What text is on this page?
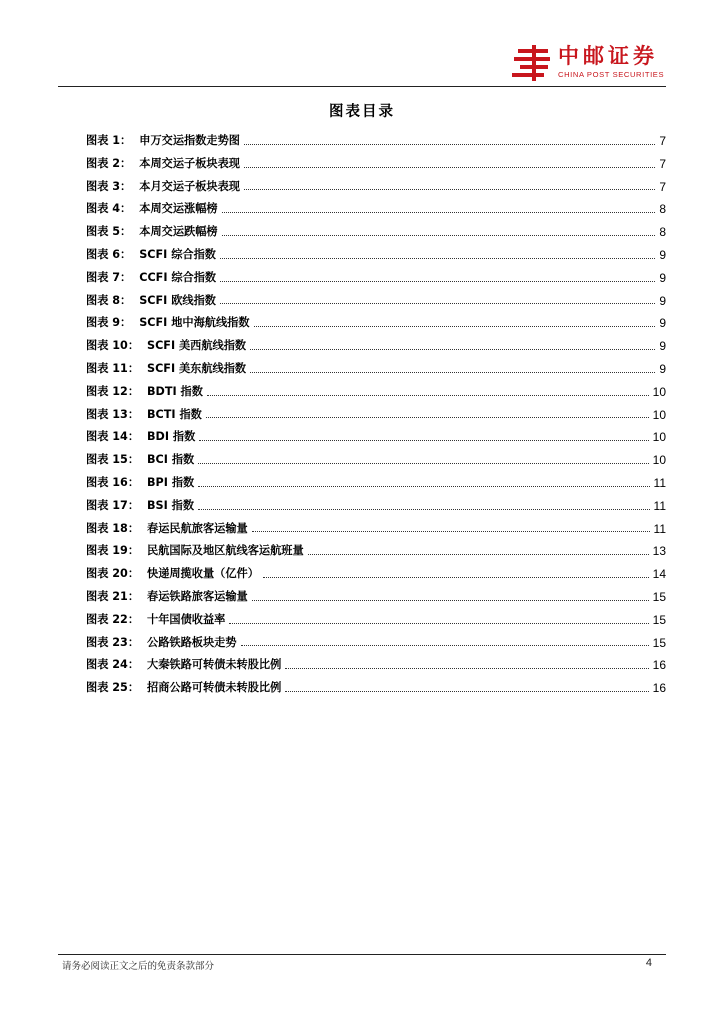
中邮证券
CHINA POST SECURITIES
图表目录
图表 1： 申万交运指数走势图	7
图表 2： 本周交运子板块表现	7
图表 3： 本月交运子板块表现	7
图表 4： 本周交运涨幅榜	8
图表 5： 本周交运跌幅榜	8
图表 6： SCFI 综合指数	9
图表 7： CCFI 综合指数	9
图表 8： SCFI 欧线指数	9
图表 9： SCFI 地中海航线指数	9
图表 10： SCFI 美西航线指数	9
图表 11： SCFI 美东航线指数	9
图表 12： BDTI 指数	10
图表 13： BCTI 指数	10
图表 14： BDI 指数	10
图表 15： BCI 指数	10
图表 16： BPI 指数	11
图表 17： BSI 指数	11
图表 18： 春运民航旅客运输量	11
图表 19： 民航国际及地区航线客运航班量	13
图表 20： 快递周揽收量（亿件）	14
图表 21： 春运铁路旅客运输量	15
图表 22： 十年国债收益率	15
图表 23： 公路铁路板块走势	15
图表 24： 大秦铁路可转债未转股比例	16
图表 25： 招商公路可转债未转股比例	16
请务必阅读正文之后的免责条款部分	4
